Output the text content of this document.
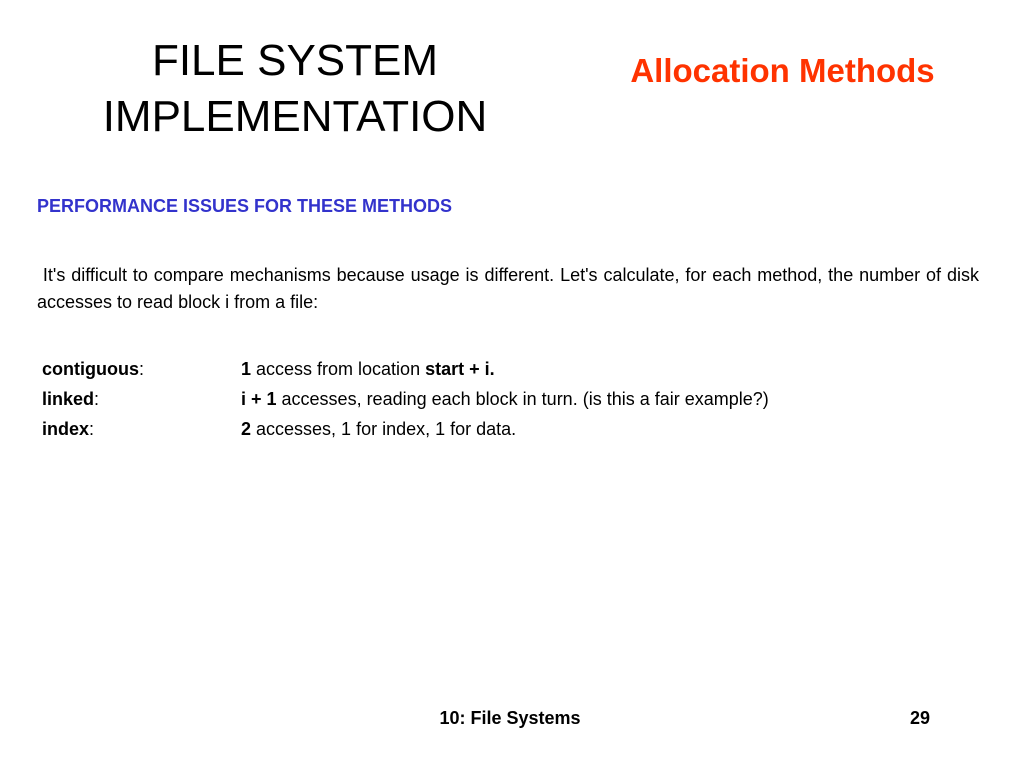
FILE SYSTEM
IMPLEMENTATION
Allocation Methods
PERFORMANCE ISSUES FOR THESE METHODS
It's difficult to compare mechanisms because usage is different. Let's calculate, for each method, the number of disk accesses to read block i from a file:
contiguous:	1 access from location start + i.
linked:	i + 1 accesses, reading each block in turn. (is this a fair example?)
index:	2 accesses, 1 for index, 1 for data.
10: File Systems	29
